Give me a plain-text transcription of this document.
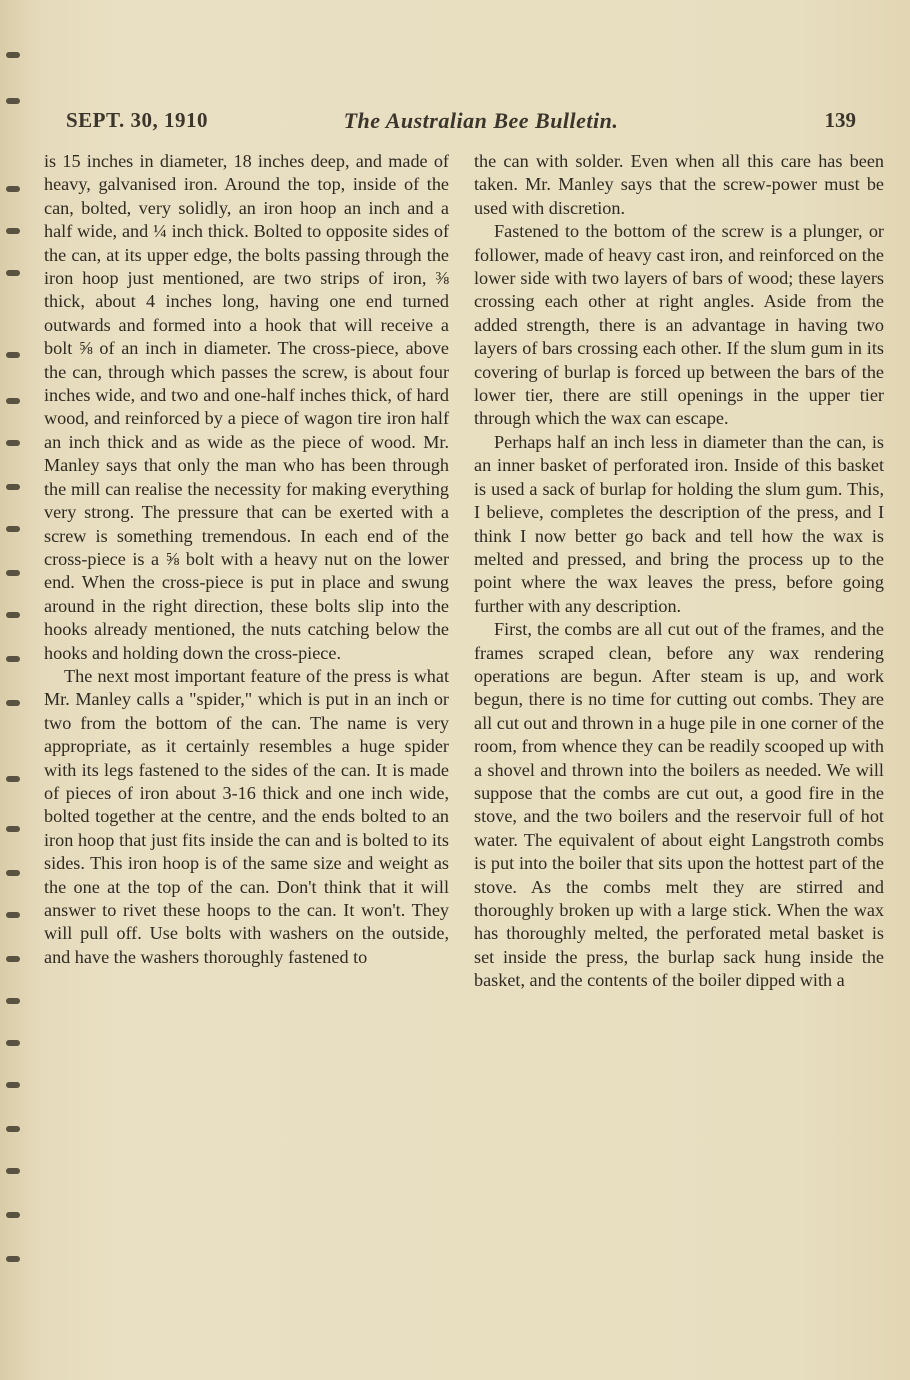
SEPT. 30, 1910	The Australian Bee Bulletin.	139

is 15 inches in diameter, 18 inches deep, and made of heavy, galvanised iron. Around the top, inside of the can, bolted, very solidly, an iron hoop an inch and a half wide, and ¼ inch thick. Bolted to opposite sides of the can, at its upper edge, the bolts passing through the iron hoop just mentioned, are two strips of iron, ⅜ thick, about 4 inches long, having one end turned outwards and formed into a hook that will receive a bolt ⅝ of an inch in diameter. The cross-piece, above the can, through which passes the screw, is about four inches wide, and two and one-half inches thick, of hard wood, and reinforced by a piece of wagon tire iron half an inch thick and as wide as the piece of wood. Mr. Manley says that only the man who has been through the mill can realise the necessity for making everything very strong. The pressure that can be exerted with a screw is something tremendous. In each end of the cross-piece is a ⅝ bolt with a heavy nut on the lower end. When the cross-piece is put in place and swung around in the right direction, these bolts slip into the hooks already mentioned, the nuts catching below the hooks and holding down the cross-piece.

The next most important feature of the press is what Mr. Manley calls a "spider," which is put in an inch or two from the bottom of the can. The name is very appropriate, as it certainly resembles a huge spider with its legs fastened to the sides of the can. It is made of pieces of iron about 3-16 thick and one inch wide, bolted together at the centre, and the ends bolted to an iron hoop that just fits inside the can and is bolted to its sides. This iron hoop is of the same size and weight as the one at the top of the can. Don't think that it will answer to rivet these hoops to the can. It won't. They will pull off. Use bolts with washers on the outside, and have the washers thoroughly fastened to

the can with solder. Even when all this care has been taken. Mr. Manley says that the screw-power must be used with discretion.

Fastened to the bottom of the screw is a plunger, or follower, made of heavy cast iron, and reinforced on the lower side with two layers of bars of wood; these layers crossing each other at right angles. Aside from the added strength, there is an advantage in having two layers of bars crossing each other. If the slum gum in its covering of burlap is forced up between the bars of the lower tier, there are still openings in the upper tier through which the wax can escape.

Perhaps half an inch less in diameter than the can, is an inner basket of perforated iron. Inside of this basket is used a sack of burlap for holding the slum gum. This, I believe, completes the description of the press, and I think I now better go back and tell how the wax is melted and pressed, and bring the process up to the point where the wax leaves the press, before going further with any description.

First, the combs are all cut out of the frames, and the frames scraped clean, before any wax rendering operations are begun. After steam is up, and work begun, there is no time for cutting out combs. They are all cut out and thrown in a huge pile in one corner of the room, from whence they can be readily scooped up with a shovel and thrown into the boilers as needed. We will suppose that the combs are cut out, a good fire in the stove, and the two boilers and the reservoir full of hot water. The equivalent of about eight Langstroth combs is put into the boiler that sits upon the hottest part of the stove. As the combs melt they are stirred and thoroughly broken up with a large stick. When the wax has thoroughly melted, the perforated metal basket is set inside the press, the burlap sack hung inside the basket, and the contents of the boiler dipped with a
